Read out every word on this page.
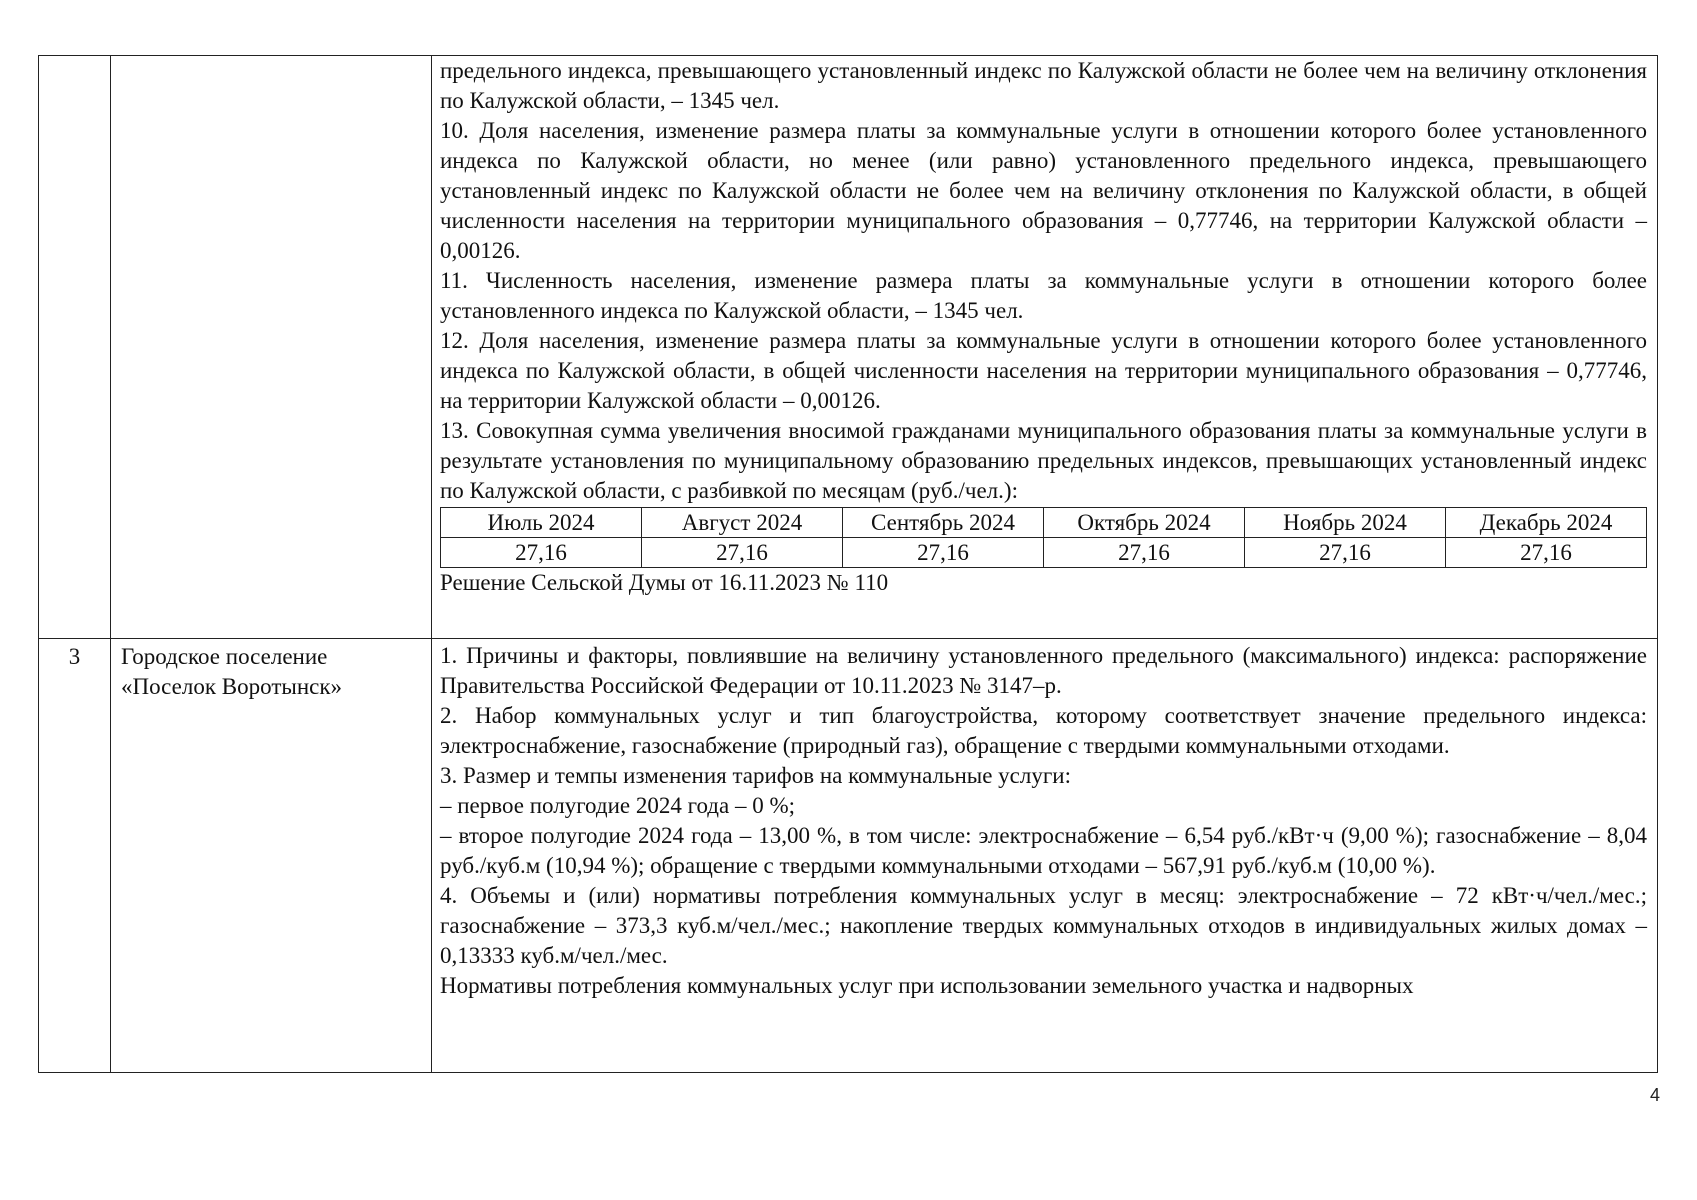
предельного индекса, превышающего установленный индекс по Калужской области не более чем на величину отклонения по Калужской области, – 1345 чел.

10. Доля населения, изменение размера платы за коммунальные услуги в отношении которого более установленного индекса по Калужской области, но менее (или равно) установленного предельного индекса, превышающего установленный индекс по Калужской области не более чем на величину отклонения по Калужской области, в общей численности населения на территории муниципального образования – 0,77746, на территории Калужской области – 0,00126.

11. Численность населения, изменение размера платы за коммунальные услуги в отношении которого более установленного индекса по Калужской области, – 1345 чел.

12. Доля населения, изменение размера платы за коммунальные услуги в отношении которого более установленного индекса по Калужской области, в общей численности населения на территории муниципального образования – 0,77746, на территории Калужской области – 0,00126.

13. Совокупная сумма увеличения вносимой гражданами муниципального образования платы за коммунальные услуги в результате установления по муниципальному образованию предельных индексов, превышающих установленный индекс по Калужской области, с разбивкой по месяцам (руб./чел.):

Июль 2024	Август 2024	Сентябрь 2024	Октябрь 2024	Ноябрь 2024	Декабрь 2024
27,16	27,16	27,16	27,16	27,16	27,16

Решение Сельской Думы от 16.11.2023 № 110

3	Городское поселение
«Поселок Воротынск»

1. Причины и факторы, повлиявшие на величину установленного предельного (максимального) индекса: распоряжение Правительства Российской Федерации от 10.11.2023 № 3147–р.

2. Набор коммунальных услуг и тип благоустройства, которому соответствует значение предельного индекса: электроснабжение, газоснабжение (природный газ), обращение с твердыми коммунальными отходами.

3. Размер и темпы изменения тарифов на коммунальные услуги:

– первое полугодие 2024 года – 0 %;

– второе полугодие 2024 года – 13,00 %, в том числе: электроснабжение – 6,54 руб./кВт·ч (9,00 %); газоснабжение – 8,04 руб./куб.м (10,94 %); обращение с твердыми коммунальными отходами – 567,91 руб./куб.м (10,00 %).

4. Объемы и (или) нормативы потребления коммунальных услуг в месяц: электроснабжение – 72 кВт·ч/чел./мес.; газоснабжение – 373,3 куб.м/чел./мес.; накопление твердых коммунальных отходов в индивидуальных жилых домах – 0,13333 куб.м/чел./мес.

Нормативы потребления коммунальных услуг при использовании земельного участка и надворных

4
